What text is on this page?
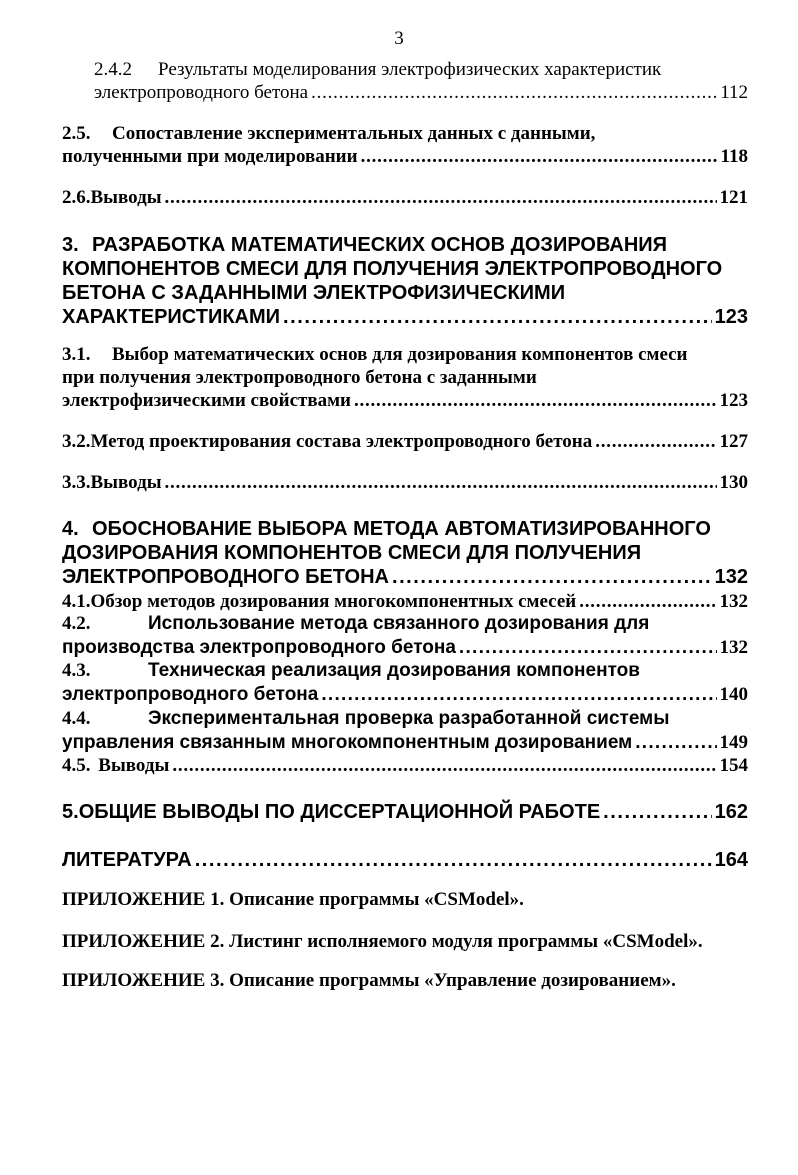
3
2.4.2	Результаты моделирования электрофизических характеристик
электропроводного бетона . . .	112
2.5.	Сопоставление экспериментальных данных с данными,
полученными при моделировании . . .	118
2.6. Выводы . . .	121
3. РАЗРАБОТКА МАТЕМАТИЧЕСКИХ ОСНОВ ДОЗИРОВАНИЯ
КОМПОНЕНТОВ СМЕСИ ДЛЯ ПОЛУЧЕНИЯ ЭЛЕКТРОПРОВОДНОГО
БЕТОНА С ЗАДАННЫМИ ЭЛЕКТРОФИЗИЧЕСКИМИ
ХАРАКТЕРИСТИКАМИ . . .	123
3.1.	Выбор математических основ для дозирования компонентов смеси
при получения электропроводного бетона с заданными
электрофизическими свойствами . . .	123
3.2. Метод проектирования состава электропроводного бетона . . .	127
3.3. Выводы . . .	130
4. ОБОСНОВАНИЕ ВЫБОРА МЕТОДА АВТОМАТИЗИРОВАННОГО
ДОЗИРОВАНИЯ КОМПОНЕНТОВ СМЕСИ ДЛЯ ПОЛУЧЕНИЯ
ЭЛЕКТРОПРОВОДНОГО БЕТОНА . . .	132
4.1. Обзор методов дозирования многокомпонентных смесей . . .	132
4.2.	Использование метода связанного дозирования для
производства электропроводного бетона . . .	132
4.3.	Техническая реализация дозирования компонентов
электропроводного бетона . . .	140
4.4.	Экспериментальная проверка разработанной системы
управления связанным многокомпонентным дозированием . . .	149
4.5. Выводы . . .	154
5. ОБЩИЕ ВЫВОДЫ ПО ДИССЕРТАЦИОННОЙ РАБОТЕ . . .	162
ЛИТЕРАТУРА . . .	164
ПРИЛОЖЕНИЕ 1. Описание программы «CSModel».
ПРИЛОЖЕНИЕ 2. Листинг исполняемого модуля программы «CSModel».
ПРИЛОЖЕНИЕ 3. Описание программы «Управление дозированием».
